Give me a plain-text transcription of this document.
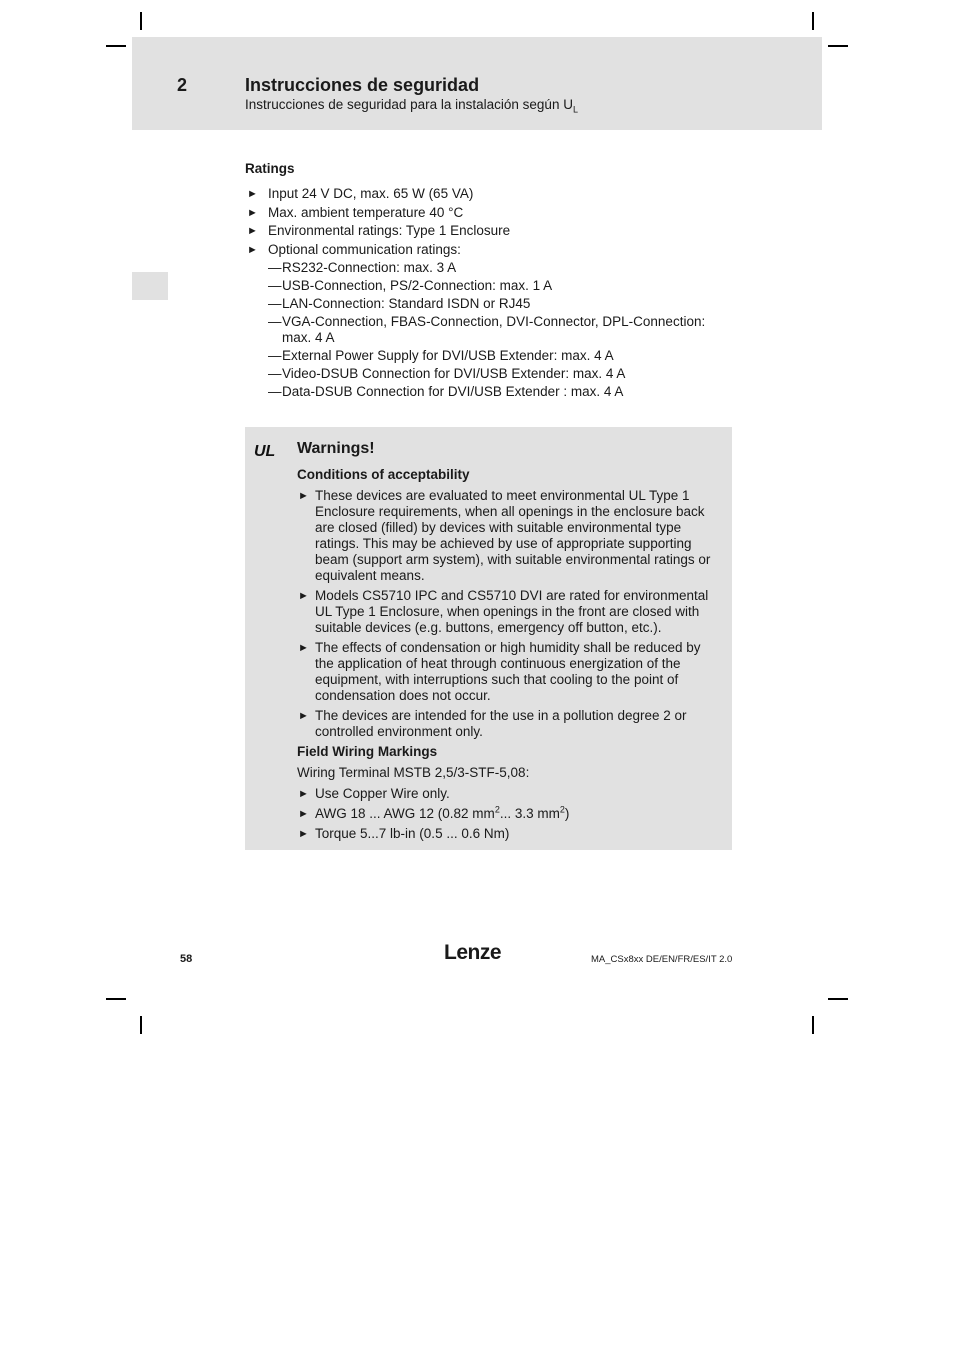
2	Instrucciones de seguridad
Instrucciones de seguridad para la instalación según $U_L$
Ratings
► Input 24 V DC, max. 65 W (65 VA)
► Max. ambient temperature 40 °C
► Environmental ratings: Type 1 Enclosure
► Optional communication ratings:
— RS232-Connection: max. 3 A
— USB-Connection, PS/2-Connection: max. 1 A
— LAN-Connection: Standard ISDN or RJ45
— VGA-Connection, FBAS-Connection, DVI-Connector, DPL-Connection: max. 4 A
— External Power Supply for DVI/USB Extender: max. 4 A
— Video-DSUB Connection for DVI/USB Extender: max. 4 A
— Data-DSUB Connection for DVI/USB Extender : max. 4 A
UL Warnings!
Conditions of acceptability
► These devices are evaluated to meet environmental UL Type 1 Enclosure requirements, when all openings in the enclosure back are closed (filled) by devices with suitable environmental type ratings. This may be achieved by use of appropriate supporting beam (support arm system), with suitable environmental ratings or equivalent means.
► Models CS5710 IPC and CS5710 DVI are rated for environmental UL Type 1 Enclosure, when openings in the front are closed with suitable devices (e.g. buttons, emergency off button, etc.).
► The effects of condensation or high humidity shall be reduced by the application of heat through continuous energization of the equipment, with interruptions such that cooling to the point of condensation does not occur.
► The devices are intended for the use in a pollution degree 2 or controlled environment only.
Field Wiring Markings
Wiring Terminal MSTB 2,5/3-STF-5,08:
► Use Copper Wire only.
► AWG 18 ... AWG 12 (0.82 $mm^2$... 3.3 $mm^2$)
► Torque 5...7 lb-in (0.5 ... 0.6 Nm)
58	Lenze	MA_CSx8xx DE/EN/FR/ES/IT 2.0
